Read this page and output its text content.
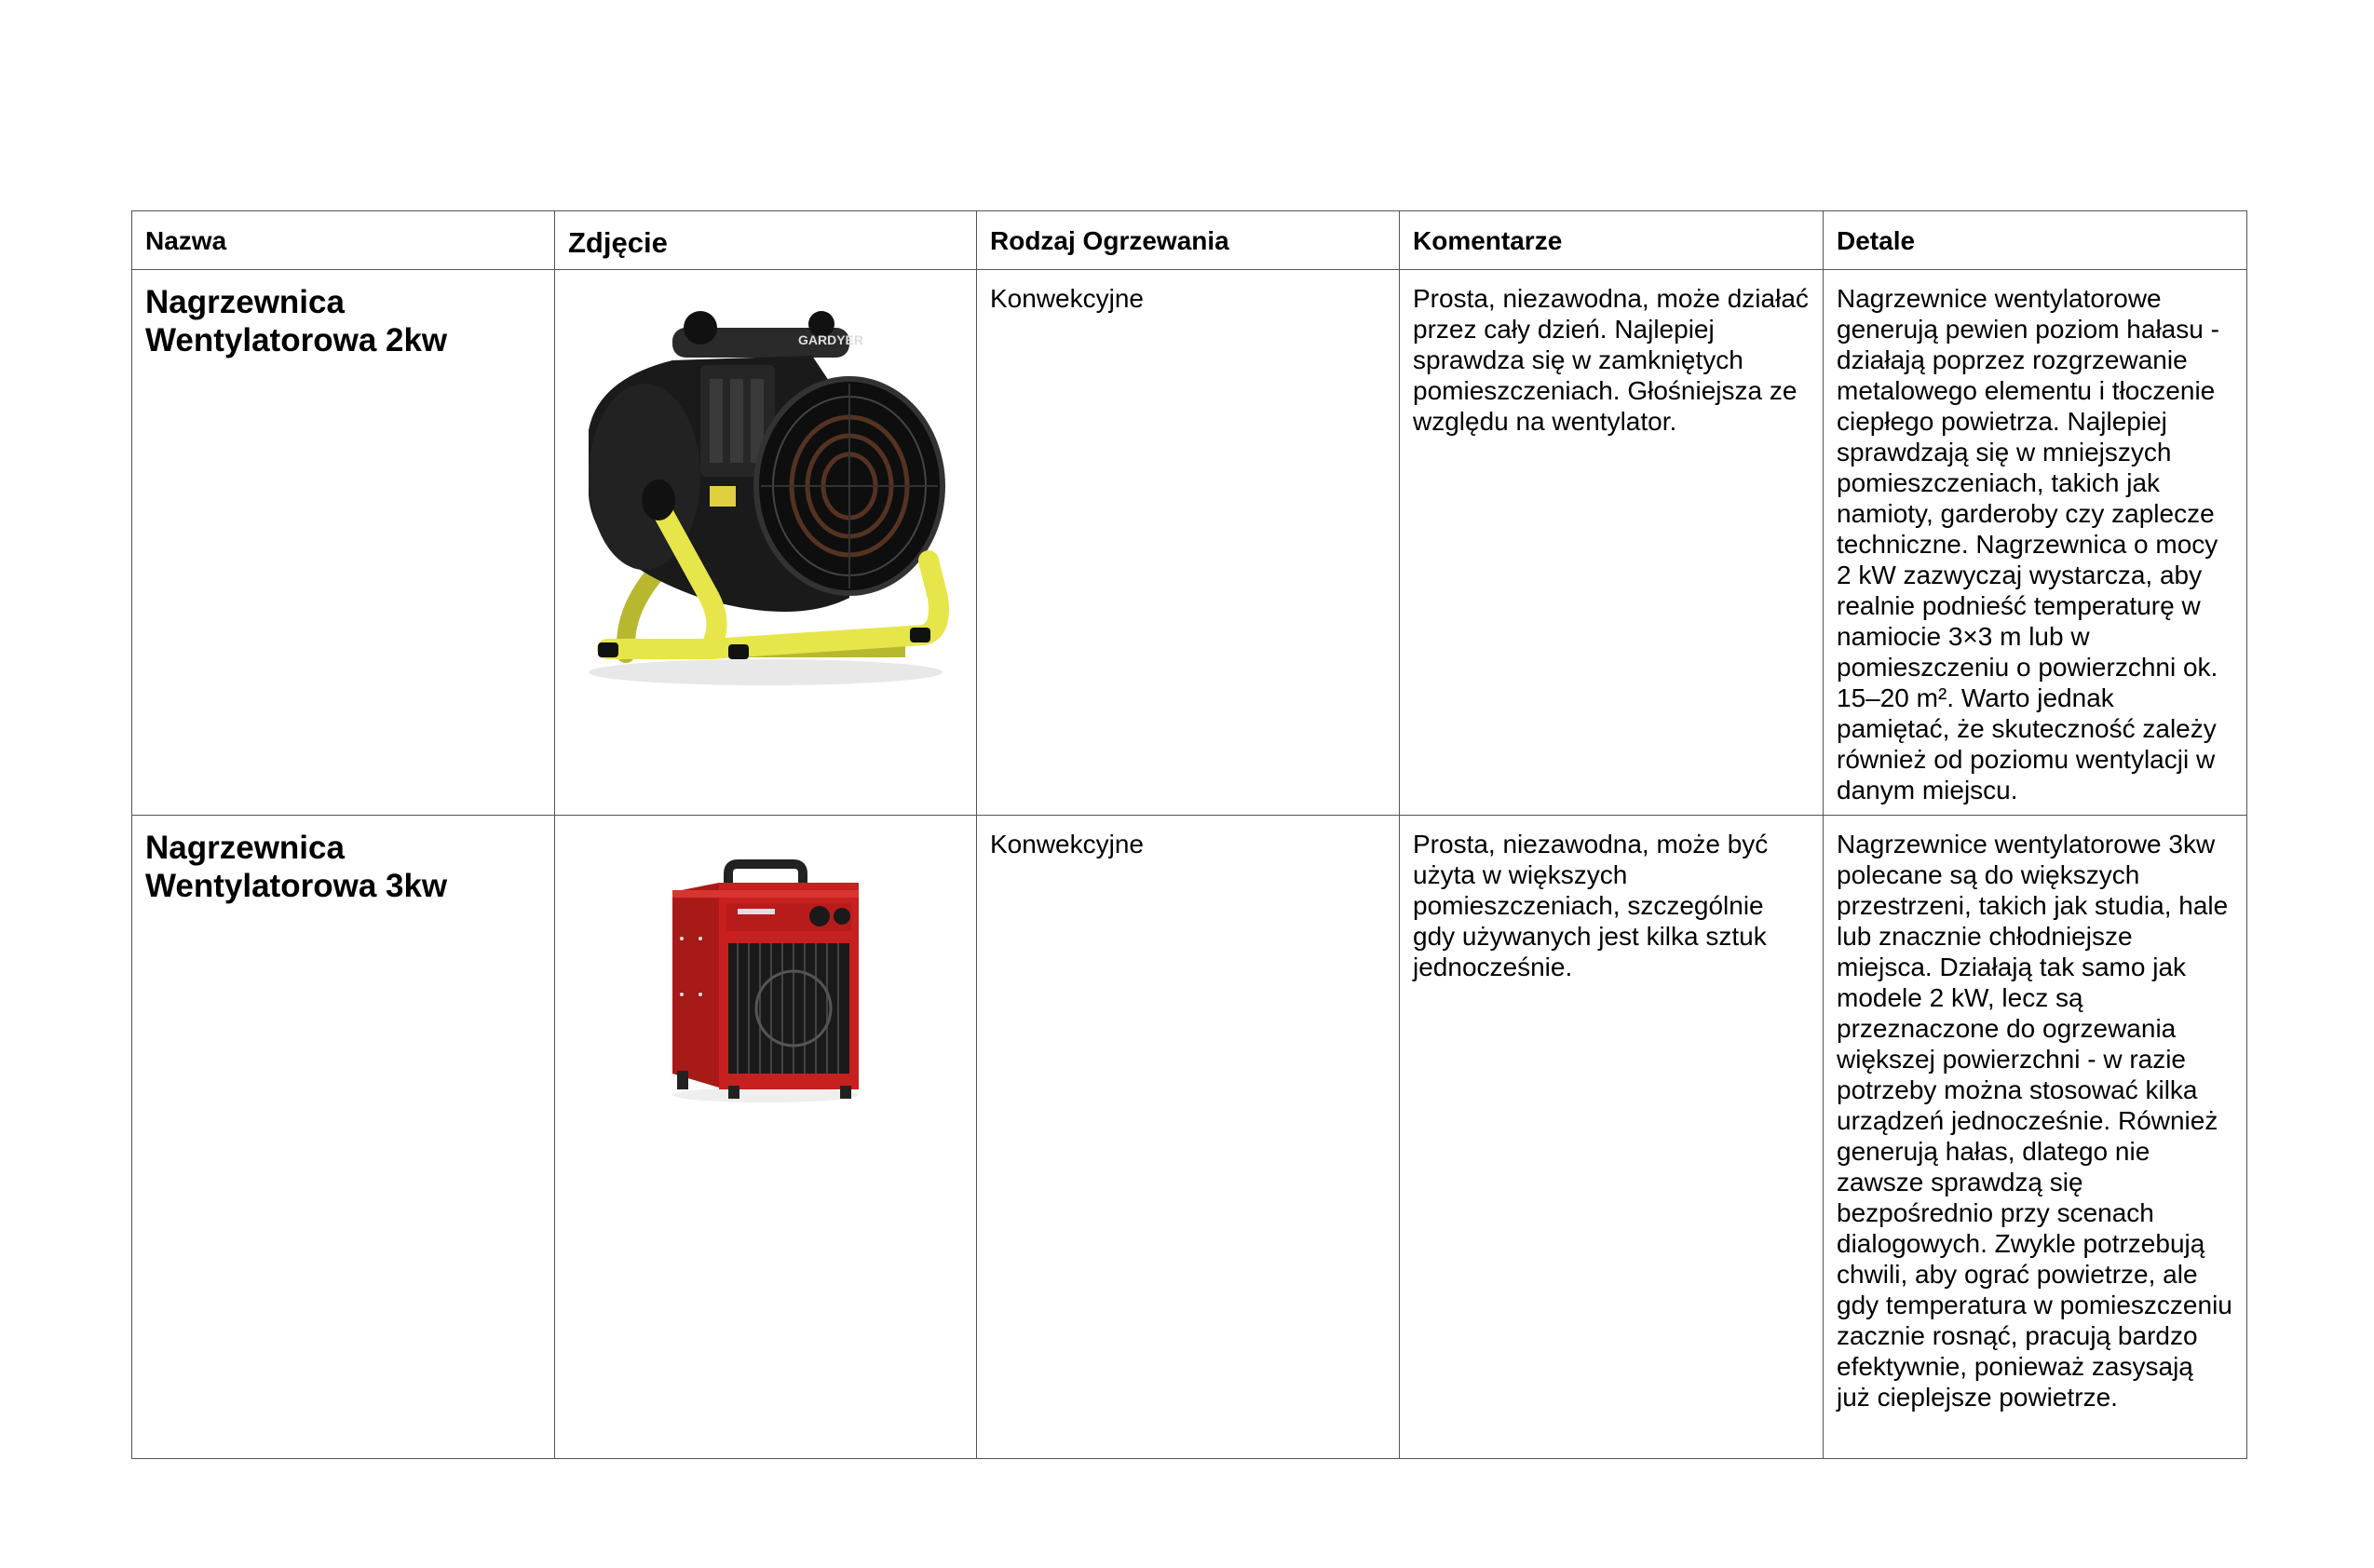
Nazwa	Zdjęcie	Rodzaj Ogrzewania	Komentarze	Detale
Nagrzewnica Wentylatorowa 2kw	GARDYER	Konwekcyjne	Prosta, niezawodna, może działać przez cały dzień. Najlepiej sprawdza się w zamkniętych pomieszczeniach. Głośniejsza ze względu na wentylator.	Nagrzewnice wentylatorowe generują pewien poziom hałasu - działają poprzez rozgrzewanie metalowego elementu i tłoczenie ciepłego powietrza. Najlepiej sprawdzają się w mniejszych pomieszczeniach, takich jak namioty, garderoby czy zaplecze techniczne. Nagrzewnica o mocy 2 kW zazwyczaj wystarcza, aby realnie podnieść temperaturę w namiocie 3×3 m lub w pomieszczeniu o powierzchni ok. 15–20 m². Warto jednak pamiętać, że skuteczność zależy również od poziomu wentylacji w danym miejscu.
Nagrzewnica Wentylatorowa 3kw		Konwekcyjne	Prosta, niezawodna, może być użyta w większych pomieszczeniach, szczególnie gdy używanych jest kilka sztuk jednocześnie.	Nagrzewnice wentylatorowe 3kw polecane są do większych przestrzeni, takich jak studia, hale lub znacznie chłodniejsze miejsca. Działają tak samo jak modele 2 kW, lecz są przeznaczone do ogrzewania większej powierzchni - w razie potrzeby można stosować kilka urządzeń jednocześnie. Również generują hałas, dlatego nie zawsze sprawdzą się bezpośrednio przy scenach dialogowych. Zwykle potrzebują chwili, aby ograć powietrze, ale gdy temperatura w pomieszczeniu zacznie rosnąć, pracują bardzo efektywnie, ponieważ zasysają już cieplejsze powietrze.
